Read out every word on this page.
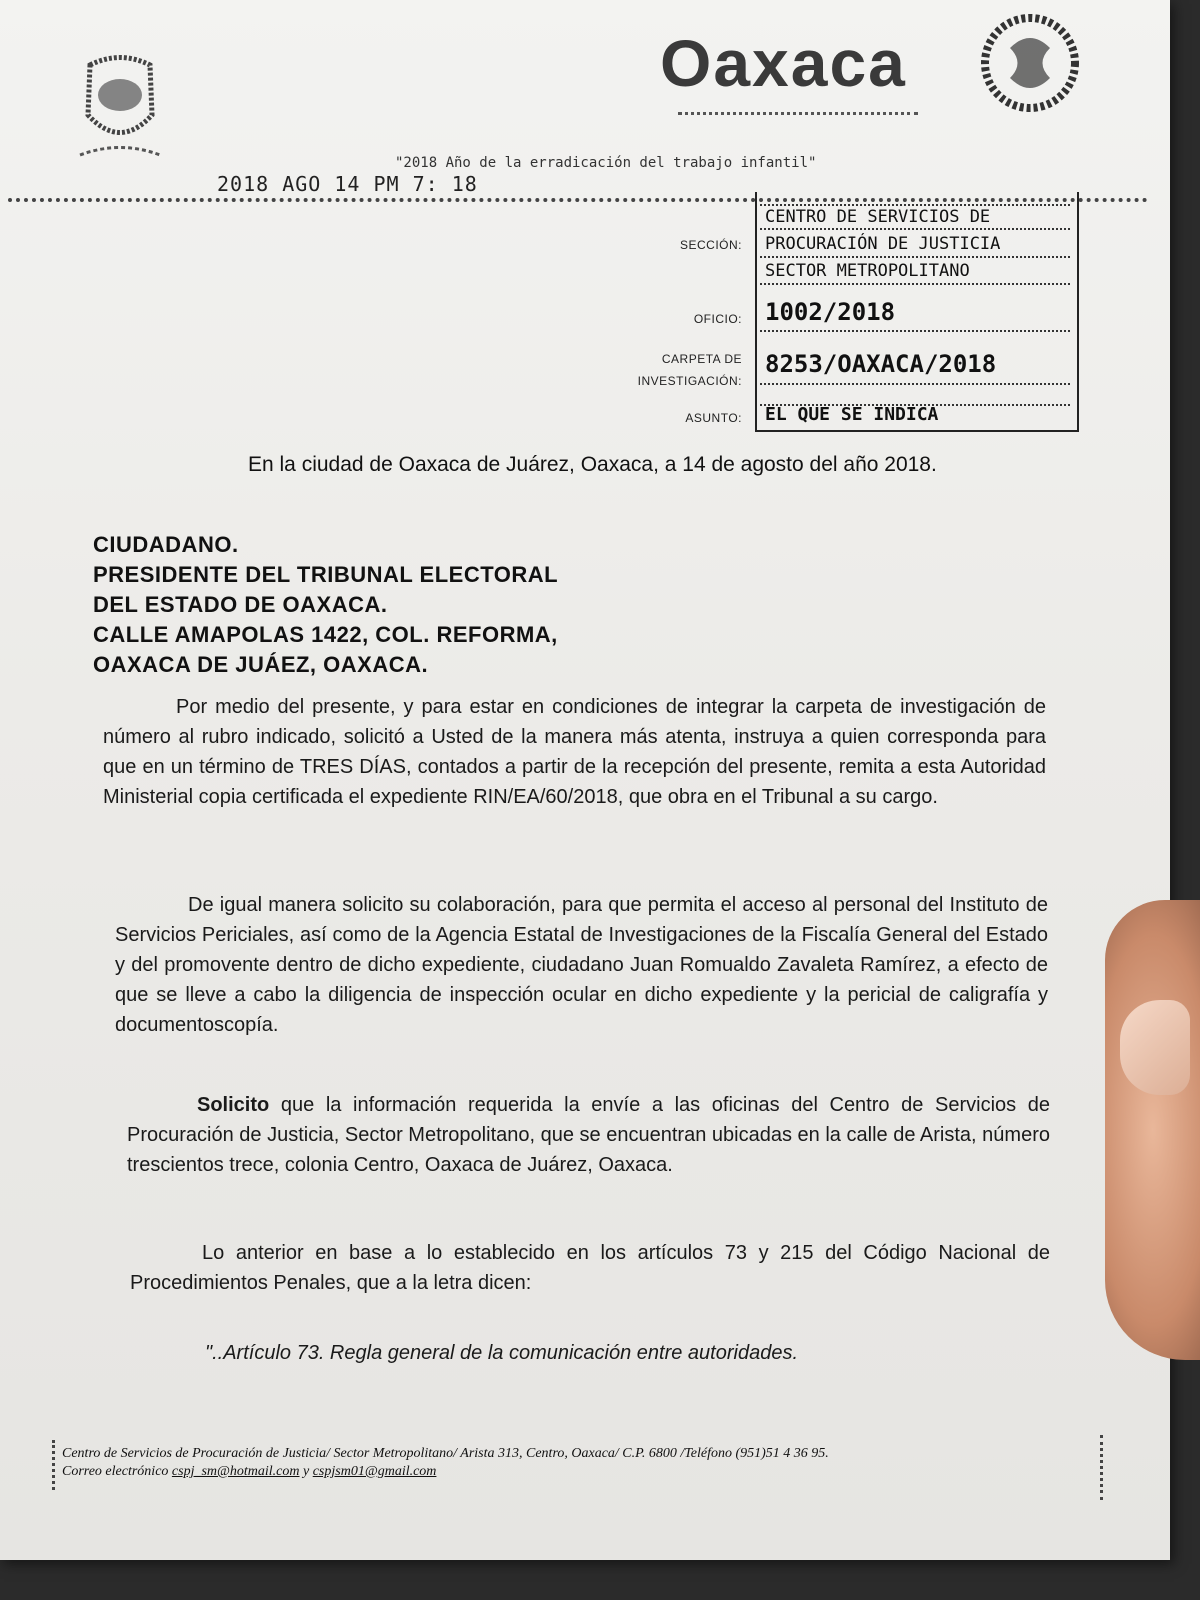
Oaxaca
"2018 Año de la erradicación del trabajo infantil"
2018 AGO 14 PM 7: 18
SECCIÓN:
CENTRO DE SERVICIOS DE
PROCURACIÓN DE JUSTICIA
SECTOR METROPOLITANO
OFICIO: 1002/2018
CARPETA DE
INVESTIGACIÓN:
8253/OAXACA/2018
ASUNTO: EL QUE SE INDICA
En la ciudad de Oaxaca de Juárez, Oaxaca, a 14 de agosto del año 2018.
CIUDADANO.
PRESIDENTE DEL TRIBUNAL ELECTORAL
DEL ESTADO DE OAXACA.
CALLE AMAPOLAS 1422, COL. REFORMA,
OAXACA DE JUÁEZ, OAXACA.
Por medio del presente, y para estar en condiciones de integrar la carpeta de investigación de número al rubro indicado, solicitó a Usted de la manera más atenta, instruya a quien corresponda para que en un término de TRES DÍAS, contados a partir de la recepción del presente, remita a esta Autoridad Ministerial copia certificada el expediente RIN/EA/60/2018, que obra en el Tribunal a su cargo.
De igual manera solicito su colaboración, para que permita el acceso al personal del Instituto de Servicios Periciales, así como de la Agencia Estatal de Investigaciones de la Fiscalía General del Estado y del promovente dentro de dicho expediente, ciudadano Juan Romualdo Zavaleta Ramírez, a efecto de que se lleve a cabo la diligencia de inspección ocular en dicho expediente y la pericial de caligrafía y documentoscopía.
Solicito que la información requerida la envíe a las oficinas del Centro de Servicios de Procuración de Justicia, Sector Metropolitano, que se encuentran ubicadas en la calle de Arista, número trescientos trece, colonia Centro, Oaxaca de Juárez, Oaxaca.
Lo anterior en base a lo establecido en los artículos 73 y 215 del Código Nacional de Procedimientos Penales, que a la letra dicen:
"..Artículo 73. Regla general de la comunicación entre autoridades.
Centro de Servicios de Procuración de Justicia/ Sector Metropolitano/ Arista 313, Centro, Oaxaca/ C.P. 6800 /Teléfono (951)51 4 36 95.
Correo electrónico cspj_sm@hotmail.com y cspjsm01@gmail.com
